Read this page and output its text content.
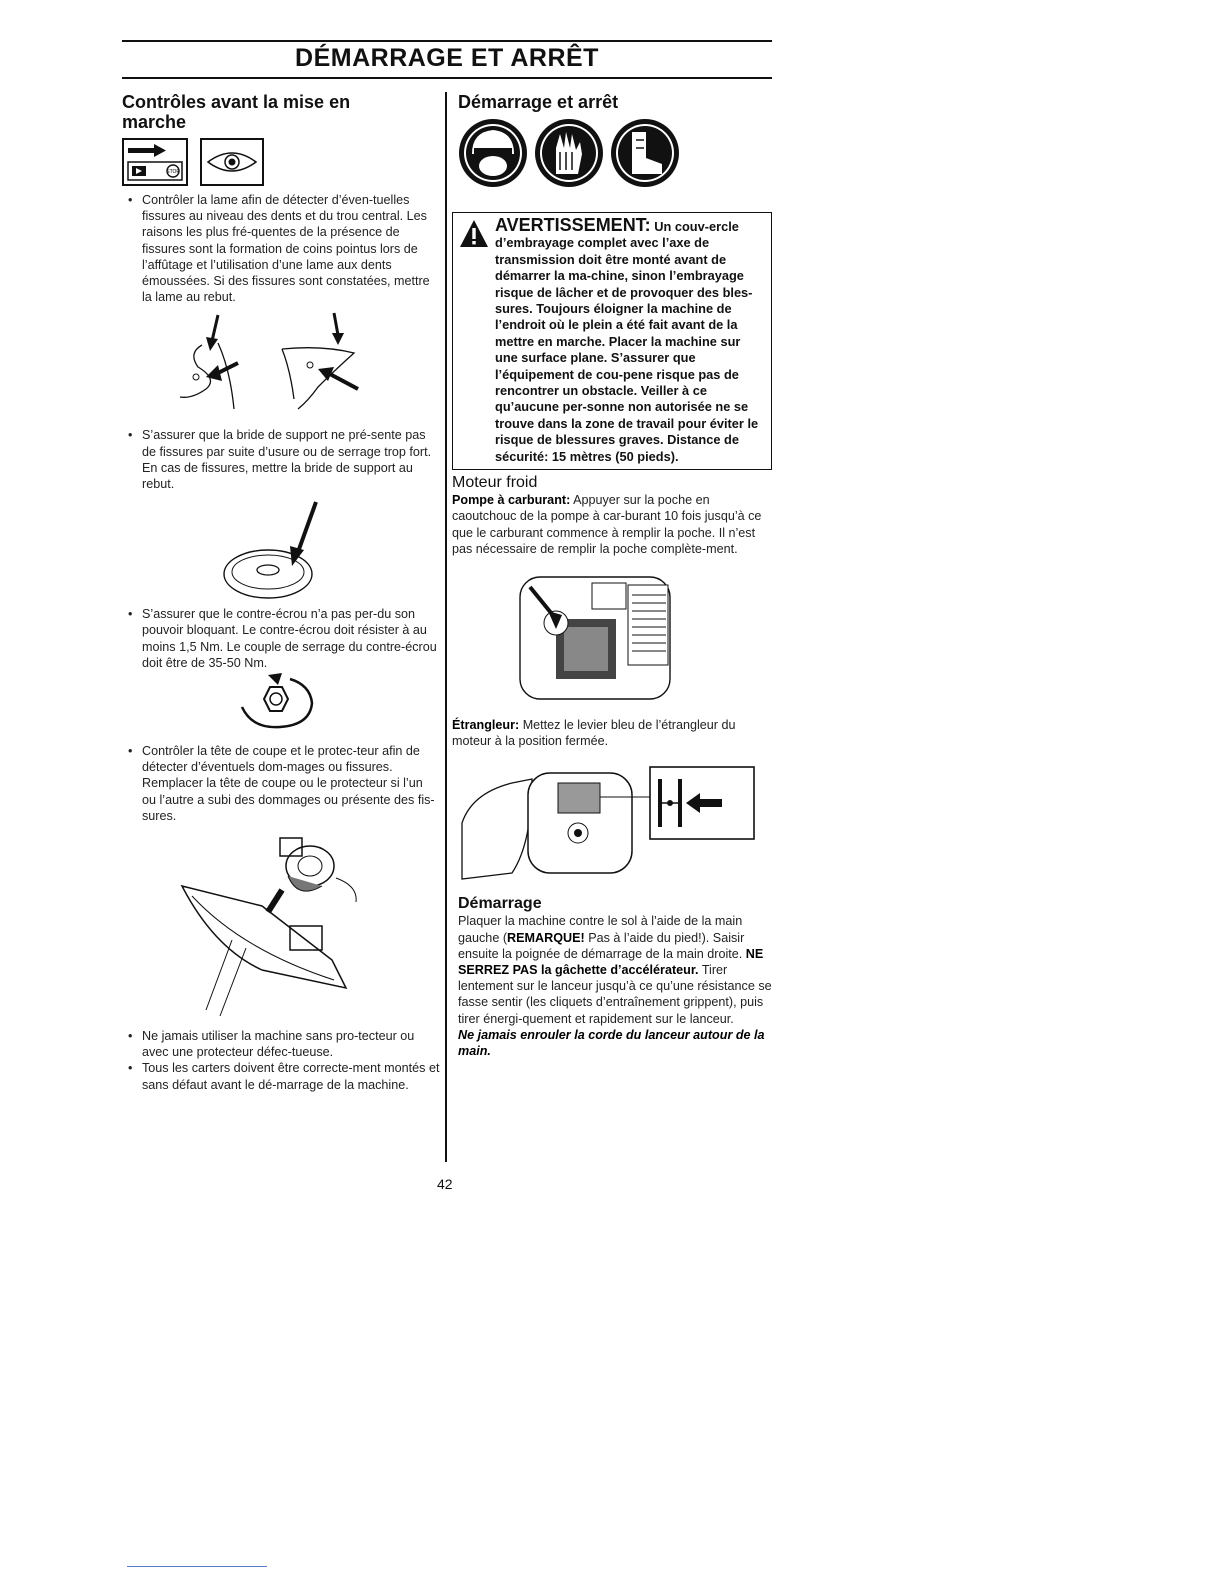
DÉMARRAGE ET ARRÊT
Contrôles avant la mise en marche
STOP
• Contrôler la lame afin de détecter d’éven-tuelles fissures au niveau des dents et du trou central. Les raisons les plus fré-quentes de la présence de fissures sont la formation de coins pointus lors de l’affûtage et l’utilisation d’une lame aux dents émoussées. Si des fissures sont constatées, mettre la lame au rebut.
• S’assurer que la bride de support ne pré-sente pas de fissures par suite d’usure ou de serrage trop fort. En cas de fissures, mettre la bride de support au rebut.
• S’assurer que le contre-écrou n’a pas per-du son pouvoir bloquant. Le contre-écrou doit résister à au moins 1,5 Nm. Le couple de serrage du contre-écrou doit être de 35-50 Nm.
• Contrôler la tête de coupe et le protec-teur afin de détecter d’éventuels dom-mages ou fissures. Remplacer la tête de coupe ou le protecteur si l’un ou l’autre a subi des dommages ou présente des fis-sures.
• Ne jamais utiliser la machine sans pro-tecteur ou avec une protecteur défec-tueuse.
• Tous les carters doivent être correcte-ment montés et sans défaut avant le dé-marrage de la machine.
Démarrage et arrêt
AVERTISSEMENT: Un couv-ercle d’embrayage complet avec l’axe de transmission doit être monté avant de démarrer la ma-chine, sinon l’embrayage risque de lâcher et de provoquer des bles-sures. Toujours éloigner la machine de l’endroit où le plein a été fait avant de la mettre en marche. Placer la machine sur une surface plane. S’assurer que l’équipement de cou-pene risque pas de rencontrer un obstacle. Veiller à ce qu’aucune per-sonne non autorisée ne se trouve dans la zone de travail pour éviter le risque de blessures graves. Distance de sécurité: 15 mètres (50 pieds).
Moteur froid
Pompe à carburant: Appuyer sur la poche en caoutchouc de la pompe à car-burant 10 fois jusqu’à ce que le carburant commence à remplir la poche. Il n’est pas nécessaire de remplir la poche complète-ment.
Étrangleur: Mettez le levier bleu de l’étrangleur du moteur à la position fermée.
Démarrage
Plaquer la machine contre le sol à l’aide de la main gauche (REMARQUE! Pas à l’aide du pied!). Saisir ensuite la poignée de démarrage de la main droite. NE SERREZ PAS la gâchette d’accélérateur. Tirer lentement sur le lanceur jusqu’à ce qu’une résistance se fasse sentir (les cliquets d’entraînement grippent), puis tirer énergi-quement et rapidement sur le lanceur.
Ne jamais enrouler la corde du lanceur autour de la main.
42
